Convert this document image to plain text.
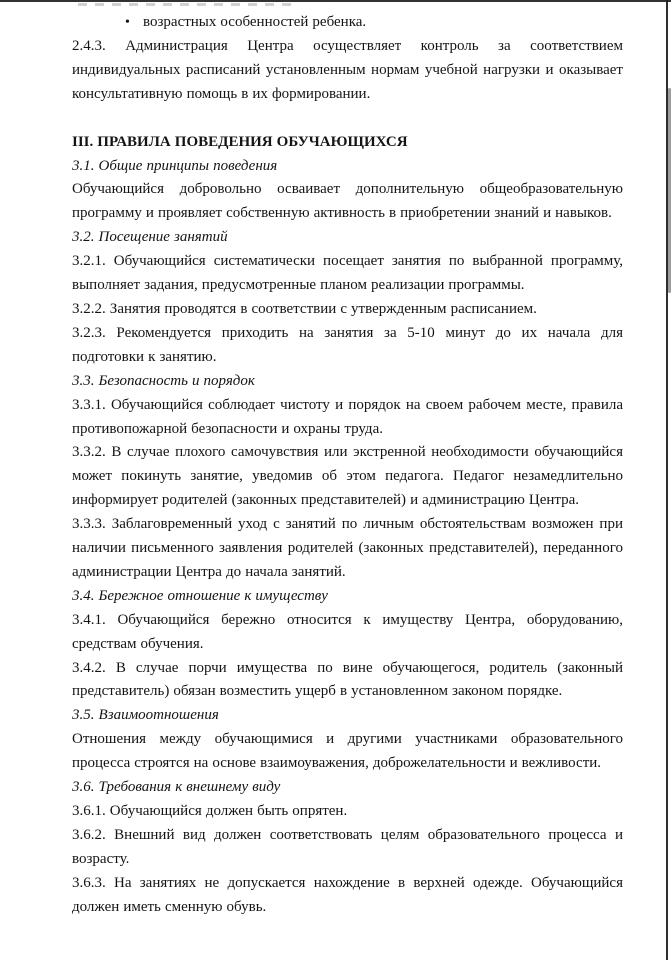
• возрастных особенностей ребенка.
2.4.3. Администрация Центра осуществляет контроль за соответствием индивидуальных расписаний установленным нормам учебной нагрузки и оказывает консультативную помощь в их формировании.
III. ПРАВИЛА ПОВЕДЕНИЯ ОБУЧАЮЩИХСЯ
3.1. Общие принципы поведения
Обучающийся добровольно осваивает дополнительную общеобразовательную программу и проявляет собственную активность в приобретении знаний и навыков.
3.2. Посещение занятий
3.2.1. Обучающийся систематически посещает занятия по выбранной программу, выполняет задания, предусмотренные планом реализации программы.
3.2.2. Занятия проводятся в соответствии с утвержденным расписанием.
3.2.3. Рекомендуется приходить на занятия за 5-10 минут до их начала для подготовки к занятию.
3.3. Безопасность и порядок
3.3.1. Обучающийся соблюдает чистоту и порядок на своем рабочем месте, правила противопожарной безопасности и охраны труда.
3.3.2. В случае плохого самочувствия или экстренной необходимости обучающийся может покинуть занятие, уведомив об этом педагога. Педагог незамедлительно информирует родителей (законных представителей) и администрацию Центра.
3.3.3. Заблаговременный уход с занятий по личным обстоятельствам возможен при наличии письменного заявления родителей (законных представителей), переданного администрации Центра до начала занятий.
3.4. Бережное отношение к имуществу
3.4.1. Обучающийся бережно относится к имуществу Центра, оборудованию, средствам обучения.
3.4.2. В случае порчи имущества по вине обучающегося, родитель (законный представитель) обязан возместить ущерб в установленном законом порядке.
3.5. Взаимоотношения
Отношения между обучающимися и другими участниками образовательного процесса строятся на основе взаимоуважения, доброжелательности и вежливости.
3.6. Требования к внешнему виду
3.6.1. Обучающийся должен быть опрятен.
3.6.2. Внешний вид должен соответствовать целям образовательного процесса и возрасту.
3.6.3. На занятиях не допускается нахождение в верхней одежде. Обучающийся должен иметь сменную обувь.
